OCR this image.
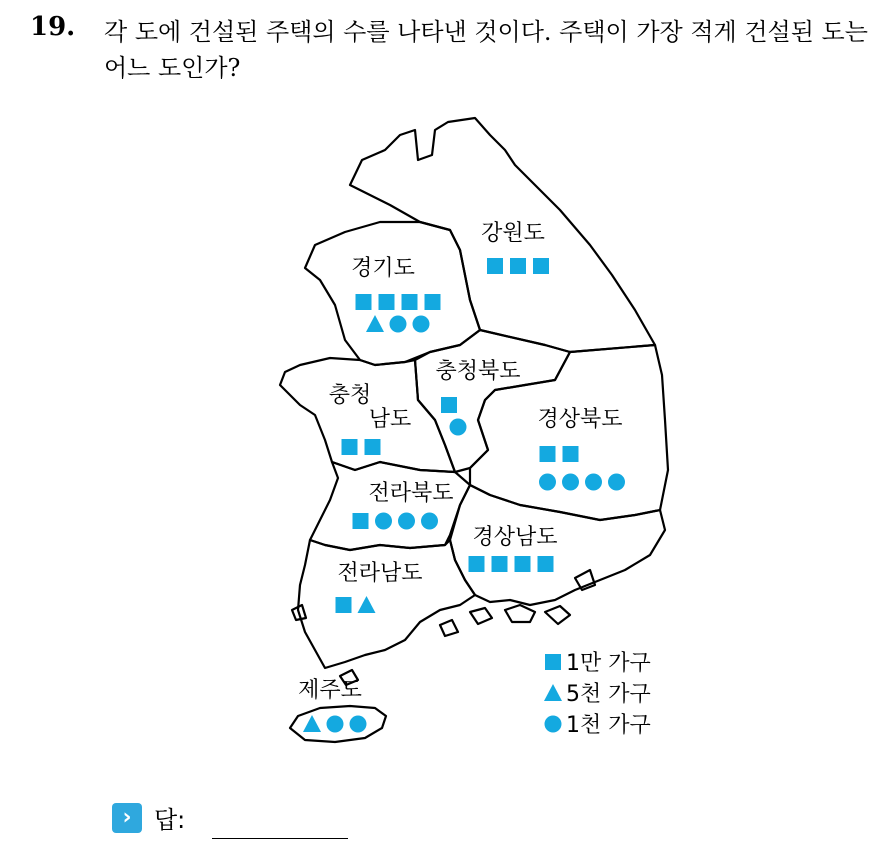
19. 각 도에 건설된 주택의 수를 나타낸 것이다. 주택이 가장 적게 건설된 도는 어느 도인가?
강원도
경기도
충청북도
충청
남도	경상북도
전라북도
경상남도
전라남도
제주도
1만 가구
5천 가구
1천 가구
› 답:
